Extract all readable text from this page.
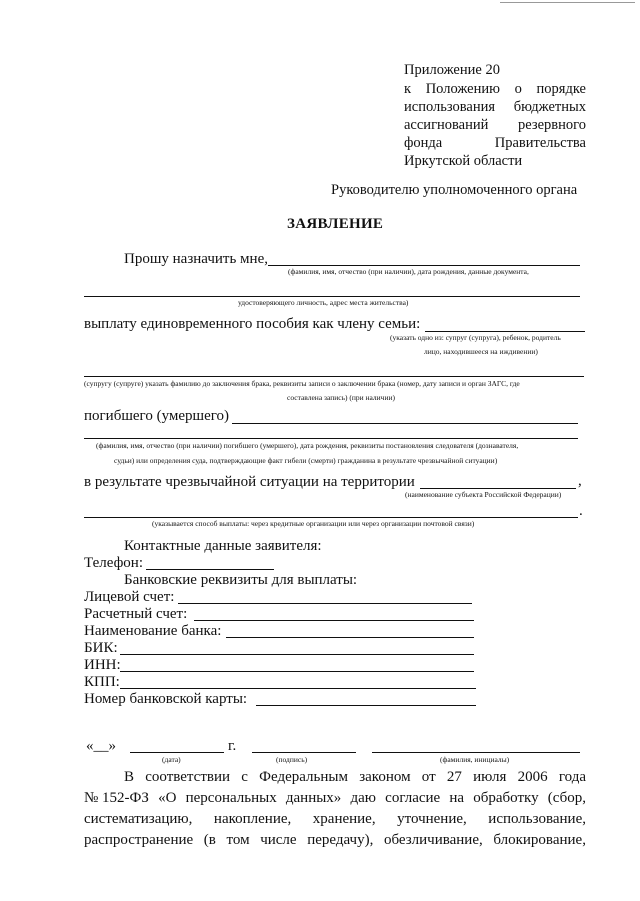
Приложение 20
к Положению о порядке
использования бюджетных
ассигнований резервного
фонда	Правительства
Иркутской области
Руководителю уполномоченного органа
ЗАЯВЛЕНИЕ
Прошу назначить мне,
(фамилия, имя, отчество (при наличии), дата рождения, данные документа,
удостоверяющего личность, адрес места жительства)
выплату единовременного пособия как члену семьи:
(указать одно из: супруг (супруга), ребенок, родитель
лицо, находившееся на иждивении)
(супругу (супруге) указать фамилию до заключения брака, реквизиты записи о заключении брака (номер, дату записи и орган ЗАГС, где
составлена запись) (при наличии)
погибшего (умершего)
(фамилия, имя, отчество (при наличии) погибшего (умершего), дата рождения, реквизиты постановления следователя (дознавателя,
судьи) или определения суда, подтверждающие факт гибели (смерти) гражданина в результате чрезвычайной ситуации)
в результате чрезвычайной ситуации на территории	,
(наименование субъекта Российской Федерации)
.
(указывается способ выплаты: через кредитные организации или через организации почтовой связи)
Контактные данные заявителя:
Телефон:
Банковские реквизиты для выплаты:
Лицевой счет:
Расчетный счет:
Наименование банка:
БИК:
ИНН:
КПП:
Номер банковской карты:
«__»	г.
(дата)	(подпись)	(фамилия, инициалы)
В соответствии с Федеральным законом от 27 июля 2006 года
№ 152-ФЗ «О персональных данных» даю согласие на обработку (сбор,
систематизацию, накопление, хранение, уточнение, использование,
распространение (в том числе передачу), обезличивание, блокирование,
